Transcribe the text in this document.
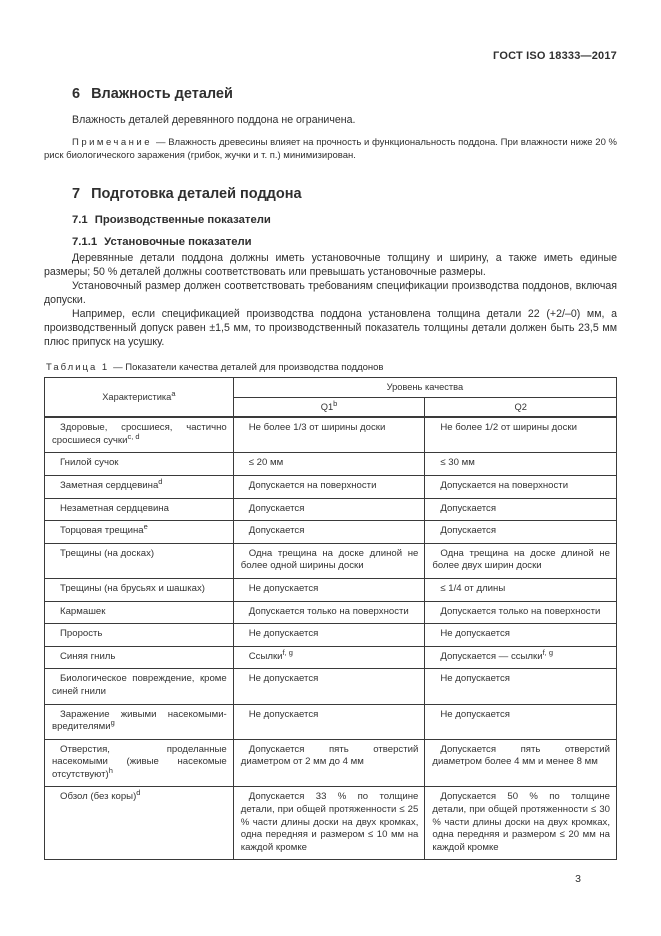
ГОСТ ISO 18333—2017
6 Влажность деталей

Влажность деталей деревянного поддона не ограничена.

Примечание — Влажность древесины влияет на прочность и функциональность поддона. При влажности ниже 20 % риск биологического заражения (грибок, жучки и т. п.) минимизирован.

7 Подготовка деталей поддона
7.1 Производственные показатели
7.1.1 Установочные показатели

Деревянные детали поддона должны иметь установочные толщину и ширину, а также иметь единые размеры; 50 % деталей должны соответствовать или превышать установочные размеры.

Установочный размер должен соответствовать требованиям спецификации производства поддонов, включая допуски.

Например, если спецификацией производства поддона установлена толщина детали 22 (+2/–0) мм, а производственный допуск равен ±1,5 мм, то производственный показатель толщины детали должен быть 23,5 мм плюс припуск на усушку.

Таблица 1 — Показатели качества деталей для производства поддонов
Характеристика$^a$	Уровень качества	
	Q1$^b$	Q2
Здоровые, сросшиеся, частично сросшиеся сучки$^{c, d}$	Не более 1/3 от ширины доски	Не более 1/2 от ширины доски
Гнилой сучок	≤ 20 мм	≤ 30 мм
Заметная сердцевина$^d$	Допускается на поверхности	Допускается на поверхности
Незаметная сердцевина	Допускается	Допускается
Торцовая трещина$^e$	Допускается	Допускается
Трещины (на досках)	Одна трещина на доске длиной не более одной ширины доски	Одна трещина на доске длиной не более двух ширин доски
Трещины (на брусьях и шашках)	Не допускается	≤ 1/4 от длины
Кармашек	Допускается только на поверхности	Допускается только на поверхности
Прорость	Не допускается	Не допускается
Синяя гниль	Ссылки$^{f, g}$	Допускается — ссылки$^{f, g}$
Биологическое повреждение, кроме синей гнили	Не допускается	Не допускается
Заражение живыми насекомыми-вредителями$^g$	Не допускается	Не допускается
Отверстия, проделанные насекомыми (живые насекомые отсутствуют)$^h$	Допускается пять отверстий диаметром от 2 мм до 4 мм	Допускается пять отверстий диаметром более 4 мм и менее 8 мм
Обзол (без коры)$^d$	Допускается 33 % по толщине детали, при общей протяженности ≤ 25 % части длины доски на двух кромках, одна передняя и размером ≤ 10 мм на каждой кромке	Допускается 50 % по толщине детали, при общей протяженности ≤ 30 % части длины доски на двух кромках, одна передняя и размером ≤ 20 мм на каждой кромке
3
